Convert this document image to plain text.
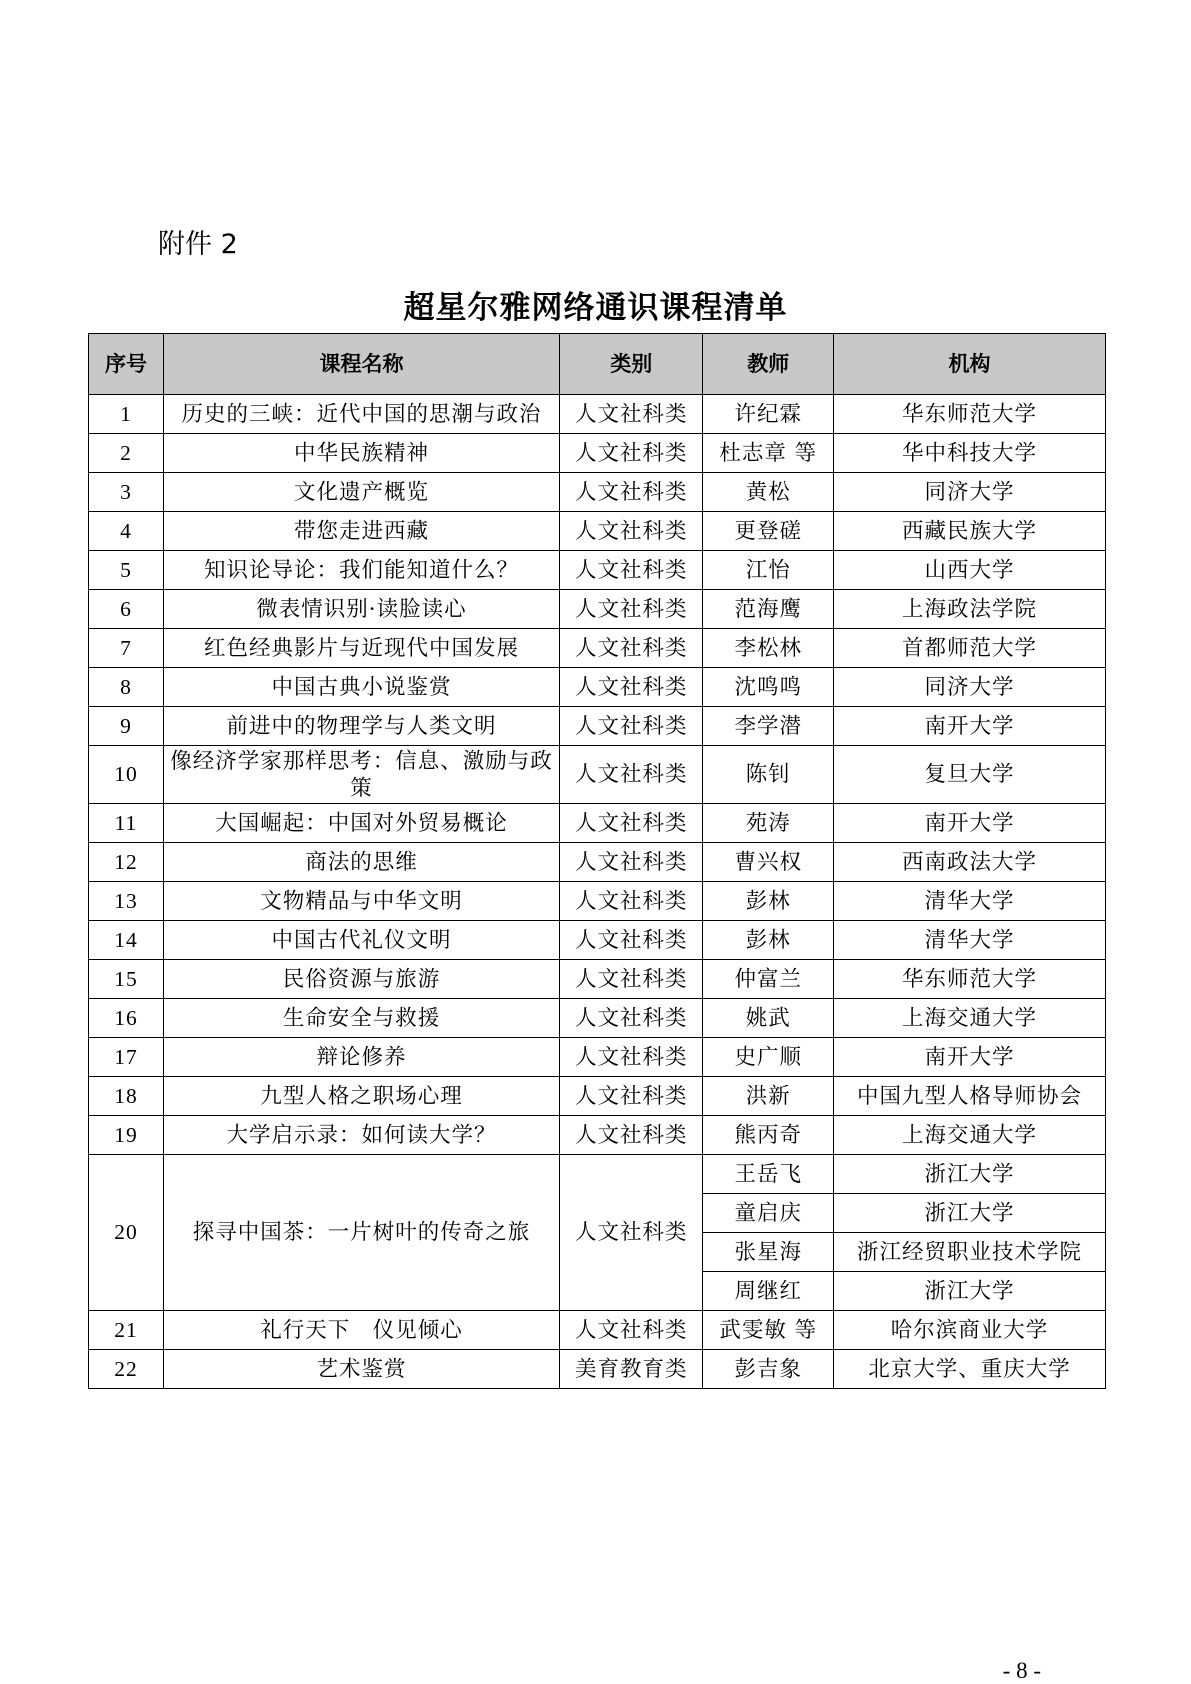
附件 2
超星尔雅网络通识课程清单
序号	课程名称	类别	教师	机构
1	历史的三峡：近代中国的思潮与政治	人文社科类	许纪霖	华东师范大学
2	中华民族精神	人文社科类	杜志章 等	华中科技大学
3	文化遗产概览	人文社科类	黄松	同济大学
4	带您走进西藏	人文社科类	更登磋	西藏民族大学
5	知识论导论：我们能知道什么？	人文社科类	江怡	山西大学
6	微表情识别·读脸读心	人文社科类	范海鹰	上海政法学院
7	红色经典影片与近现代中国发展	人文社科类	李松林	首都师范大学
8	中国古典小说鉴赏	人文社科类	沈鸣鸣	同济大学
9	前进中的物理学与人类文明	人文社科类	李学潜	南开大学
10	像经济学家那样思考：信息、激励与政策	人文社科类	陈钊	复旦大学
11	大国崛起：中国对外贸易概论	人文社科类	苑涛	南开大学
12	商法的思维	人文社科类	曹兴权	西南政法大学
13	文物精品与中华文明	人文社科类	彭林	清华大学
14	中国古代礼仪文明	人文社科类	彭林	清华大学
15	民俗资源与旅游	人文社科类	仲富兰	华东师范大学
16	生命安全与救援	人文社科类	姚武	上海交通大学
17	辩论修养	人文社科类	史广顺	南开大学
18	九型人格之职场心理	人文社科类	洪新	中国九型人格导师协会
19	大学启示录：如何读大学？	人文社科类	熊丙奇	上海交通大学
20	探寻中国茶：一片树叶的传奇之旅	人文社科类	王岳飞	浙江大学
			童启庆	浙江大学
			张星海	浙江经贸职业技术学院
			周继红	浙江大学
21	礼行天下　仪见倾心	人文社科类	武雯敏 等	哈尔滨商业大学
22	艺术鉴赏	美育教育类	彭吉象	北京大学、重庆大学
- 8 -
